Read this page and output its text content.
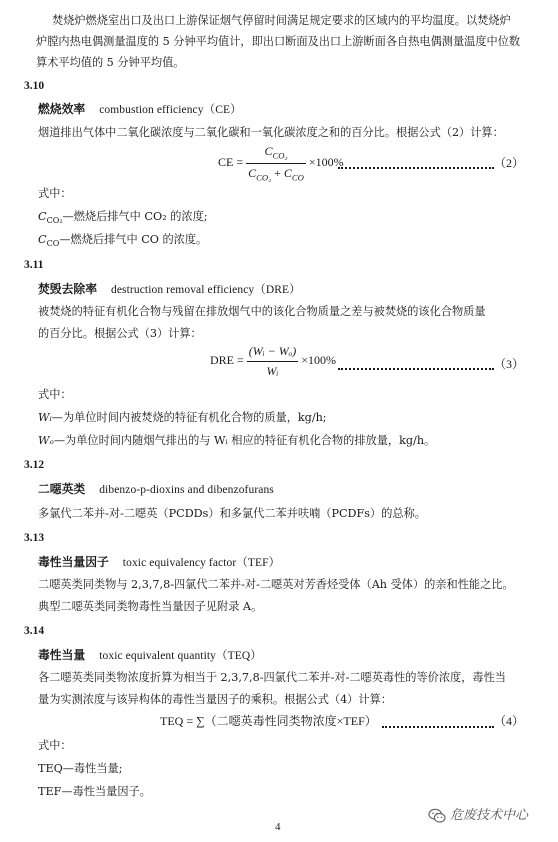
焚烧炉燃烧室出口及出口上游保证烟气停留时间满足规定要求的区域内的平均温度。以焚烧炉
炉膛内热电偶测量温度的 5 分钟平均值计，即出口断面及出口上游断面各自热电偶测量温度中位数
算术平均值的 5 分钟平均值。
3.10
燃烧效率 combustion efficiency（CE）
烟道排出气体中二氧化碳浓度与二氧化碳和一氧化碳浓度之和的百分比。根据公式（2）计算：
CE = $\frac{C_{CO_2}}{C_{CO_2} + C_{CO}} \times 100\%$	（2）
式中：
$C_{CO_2}—$燃烧后排气中 CO₂ 的浓度;
$C_{CO}—$燃烧后排气中 CO 的浓度。
3.11
焚毁去除率 destruction removal efficiency（DRE）
被焚烧的特征有机化合物与残留在排放烟气中的该化合物质量之差与被焚烧的该化合物质量
的百分比。根据公式（3）计算：
DRE = $\frac{\text{(Wᵢ − Wₒ)}}{\text{Wᵢ}} \times 100\%$	（3）
式中：
Wᵢ—为单位时间内被焚烧的特征有机化合物的质量，kg/h;
Wₒ—为单位时间内随烟气排出的与 Wᵢ 相应的特征有机化合物的排放量，kg/h。
3.12
二噁英类 dibenzo-p-dioxins and dibenzofurans
多氯代二苯并-对-二噁英（PCDDs）和多氯代二苯并呋喃（PCDFs）的总称。
3.13
毒性当量因子 toxic equivalency factor（TEF）
二噁英类同类物与 2,3,7,8-四氯代二苯并-对-二噁英对芳香烃受体（Ah 受体）的亲和性能之比。
典型二噁英类同类物毒性当量因子见附录 A。
3.14
毒性当量 toxic equivalent quantity（TEQ）
各二噁英类同类物浓度折算为相当于 2,3,7,8-四氯代二苯并-对-二噁英毒性的等价浓度，毒性当
量为实测浓度与该异构体的毒性当量因子的乘积。根据公式（4）计算：
TEQ = ∑（二噁英毒性同类物浓度×TEF）	（4）
式中：
TEQ—毒性当量;
TEF—毒性当量因子。
4
危废技术中心
